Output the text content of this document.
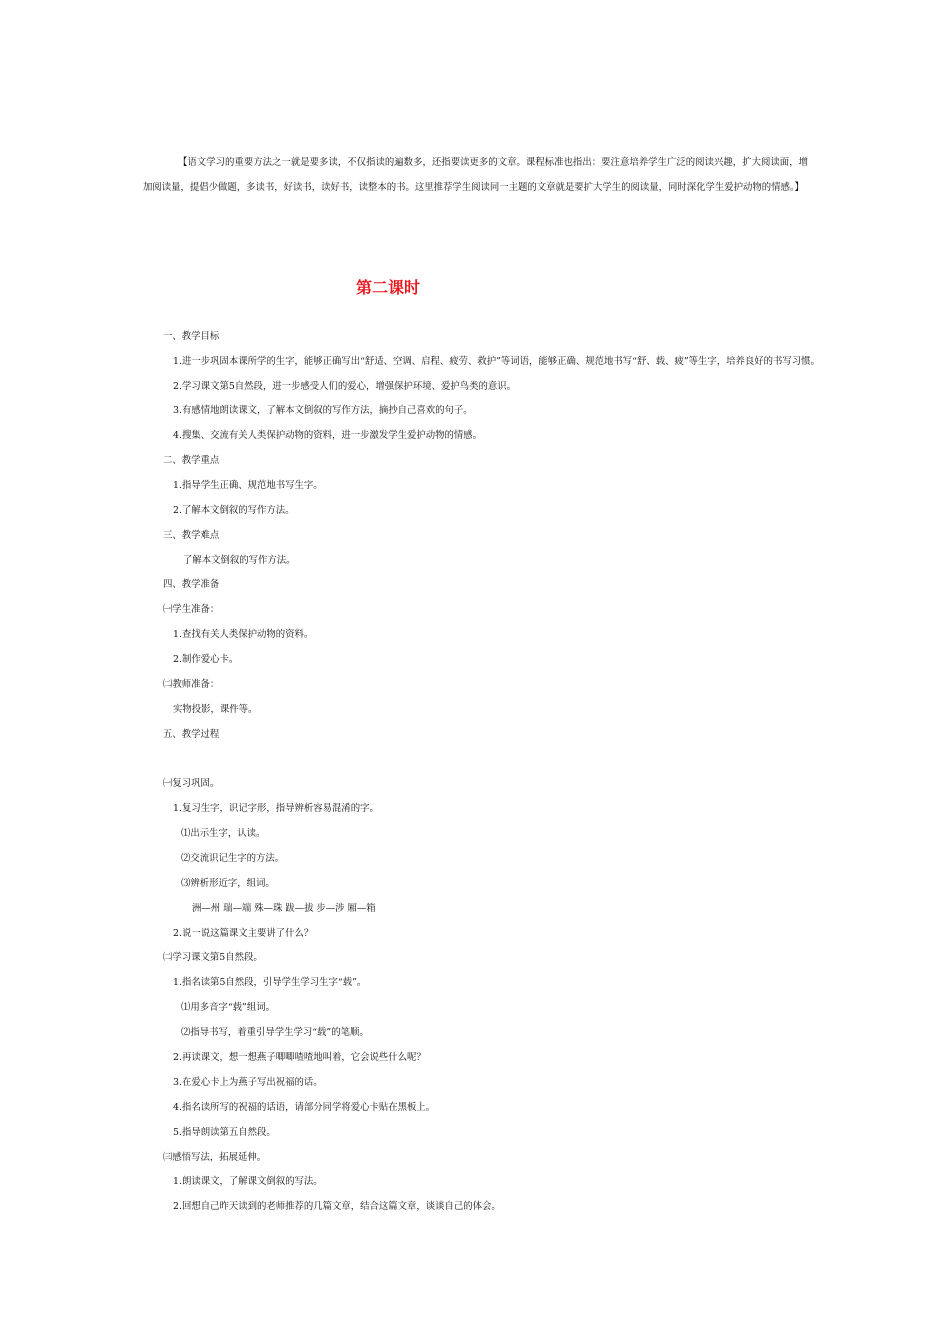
【语文学习的重要方法之一就是要多读，不仅指读的遍数多，还指要读更多的文章。课程标准也指出：要注意培养学生广泛的阅读兴趣，扩大阅读面，增加阅读量，提倡少做题，多读书，好读书，读好书，读整本的书。这里推荐学生阅读同一主题的文章就是要扩大学生的阅读量，同时深化学生爱护动物的情感。】
第二课时
一、教学目标
1.进一步巩固本课所学的生字，能够正确写出“舒适、空调、启程、疲劳、救护”等词语，能够正确、规范地书写“舒、载、疲”等生字，培养良好的书写习惯。
2.学习课文第5自然段，进一步感受人们的爱心，增强保护环境、爱护鸟类的意识。
3.有感情地朗读课文，了解本文倒叙的写作方法，摘抄自己喜欢的句子。
4.搜集、交流有关人类保护动物的资料，进一步激发学生爱护动物的情感。
二、教学重点
1.指导学生正确、规范地书写生字。
2.了解本文倒叙的写作方法。
三、教学难点
了解本文倒叙的写作方法。
四、教学准备
㈠学生准备：
1.查找有关人类保护动物的资料。
2.制作爱心卡。
㈡教师准备：
实物投影，课件等。
五、教学过程
㈠复习巩固。
1.复习生字，识记字形，指导辨析容易混淆的字。
⑴出示生字，认读。
⑵交流识记生字的方法。
⑶辨析形近字，组词。
洲—州 瑞—端 殊—珠 跋—拔 步—涉 厢—箱
2.说一说这篇课文主要讲了什么？
㈡学习课文第5自然段。
1.指名读第5自然段，引导学生学习生字“载”。
⑴用多音字“载”组词。
⑵指导书写，着重引导学生学习“载”的笔顺。
2.再读课文，想一想燕子唧唧喳喳地叫着，它会说些什么呢？
3.在爱心卡上为燕子写出祝福的话。
4.指名读所写的祝福的话语，请部分同学将爱心卡贴在黑板上。
5.指导朗读第五自然段。
㈢感悟写法，拓展延伸。
1.朗读课文，了解课文倒叙的写法。
2.回想自己昨天读到的老师推荐的几篇文章，结合这篇文章，谈谈自己的体会。
